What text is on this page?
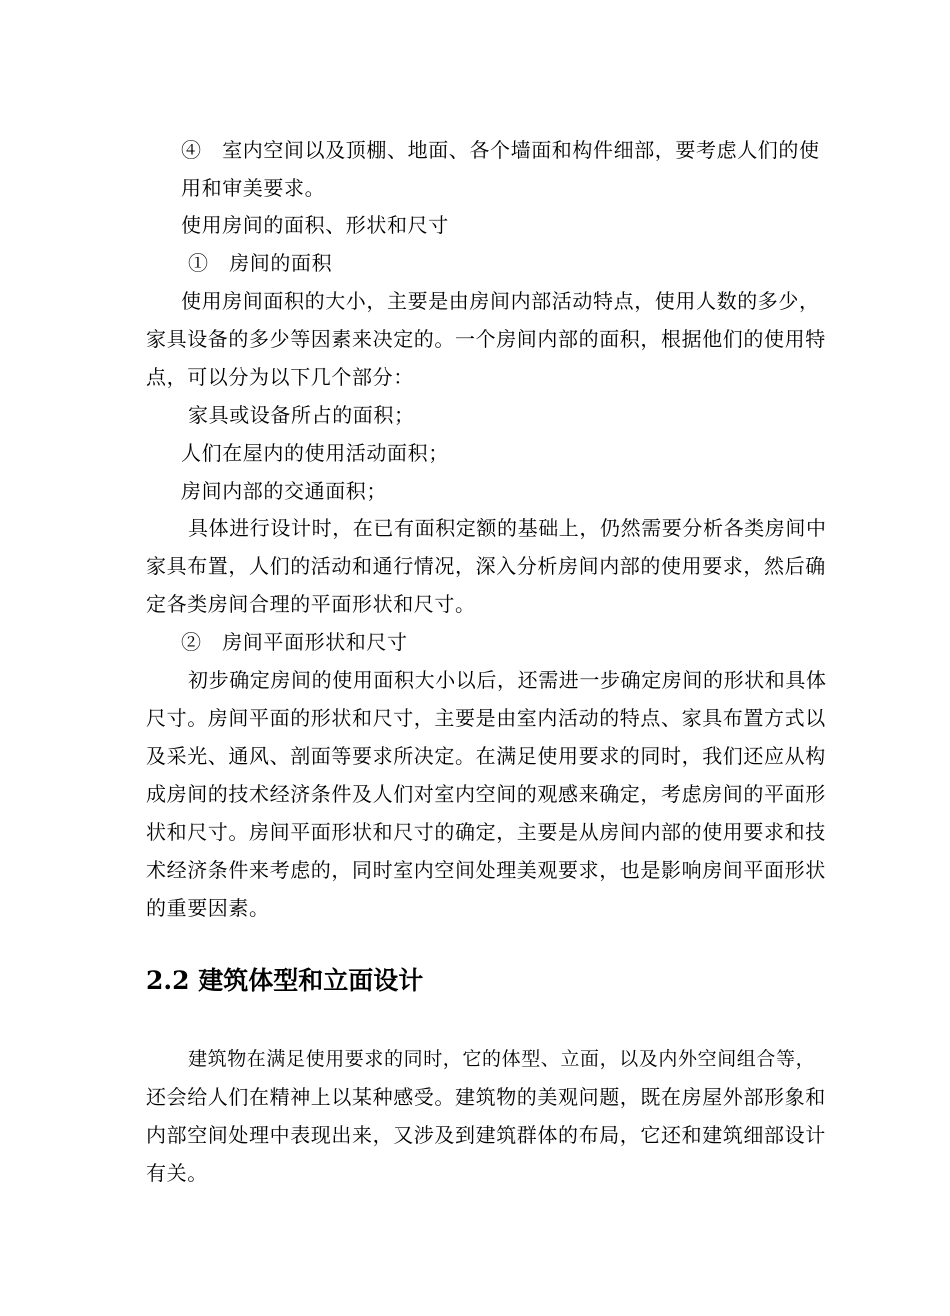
④　室内空间以及顶棚、地面、各个墙面和构件细部，要考虑人们的使
用和审美要求。
使用房间的面积、形状和尺寸
①　房间的面积
使用房间面积的大小，主要是由房间内部活动特点，使用人数的多少，
家具设备的多少等因素来决定的。一个房间内部的面积，根据他们的使用特
点，可以分为以下几个部分：
家具或设备所占的面积；
人们在屋内的使用活动面积；
房间内部的交通面积；
具体进行设计时，在已有面积定额的基础上，仍然需要分析各类房间中
家具布置，人们的活动和通行情况，深入分析房间内部的使用要求，然后确
定各类房间合理的平面形状和尺寸。
②　房间平面形状和尺寸
初步确定房间的使用面积大小以后，还需进一步确定房间的形状和具体
尺寸。房间平面的形状和尺寸，主要是由室内活动的特点、家具布置方式以
及采光、通风、剖面等要求所决定。在满足使用要求的同时，我们还应从构
成房间的技术经济条件及人们对室内空间的观感来确定，考虑房间的平面形
状和尺寸。房间平面形状和尺寸的确定，主要是从房间内部的使用要求和技
术经济条件来考虑的，同时室内空间处理美观要求，也是影响房间平面形状
的重要因素。
2.2 建筑体型和立面设计
建筑物在满足使用要求的同时，它的体型、立面，以及内外空间组合等，
还会给人们在精神上以某种感受。建筑物的美观问题，既在房屋外部形象和
内部空间处理中表现出来，又涉及到建筑群体的布局，它还和建筑细部设计
有关。
